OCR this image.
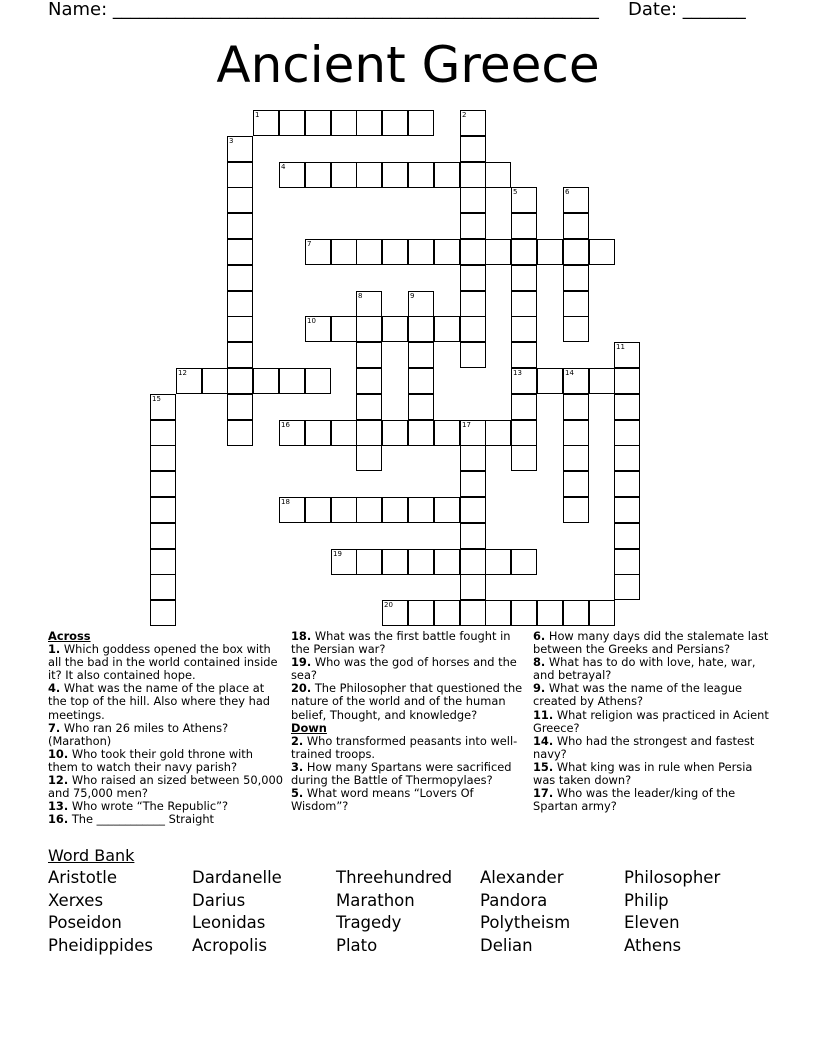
Name: ______________________________________________________ Date: _______
Ancient Greece
1	2
3
4
5
13
6
7
8	9
10
11
12	14
15
16	17
18
19
20

Across

1. Which goddess opened the box with all the bad in the world contained inside it? It also contained hope.

4. What was the name of the place at the top of the hill. Also where they had meetings.

7. Who ran 26 miles to Athens? (Marathon)

10. Who took their gold throne with them to watch their navy parish?

12. Who raised an sized between 50,000 and 75,000 men?

13. Who wrote “The Republic”?

16. The ____________ Straight

18. What was the first battle fought in the Persian war?

19. Who was the god of horses and the sea?

20. The Philosopher that questioned the nature of the world and of the human belief, Thought, and knowledge?

Down

2. Who transformed peasants into well-trained troops.

3. How many Spartans were sacrificed during the Battle of Thermopylaes?

5. What word means “Lovers Of Wisdom”?

6. How many days did the stalemate last between the Greeks and Persians?

8. What has to do with love, hate, war, and betrayal?

9. What was the name of the league created by Athens?

11. What religion was practiced in Acient Greece?

14. Who had the strongest and fastest navy?

15. What king was in rule when Persia was taken down?

17. Who was the leader/king of the Spartan army?

Word Bank
Aristotle
Xerxes
Poseidon
Pheidippides
Dardanelle
Darius
Leonidas
Acropolis
Threehundred
Marathon
Tragedy
Plato
Alexander
Pandora
Polytheism
Delian
Philosopher
Philip
Eleven
Athens
